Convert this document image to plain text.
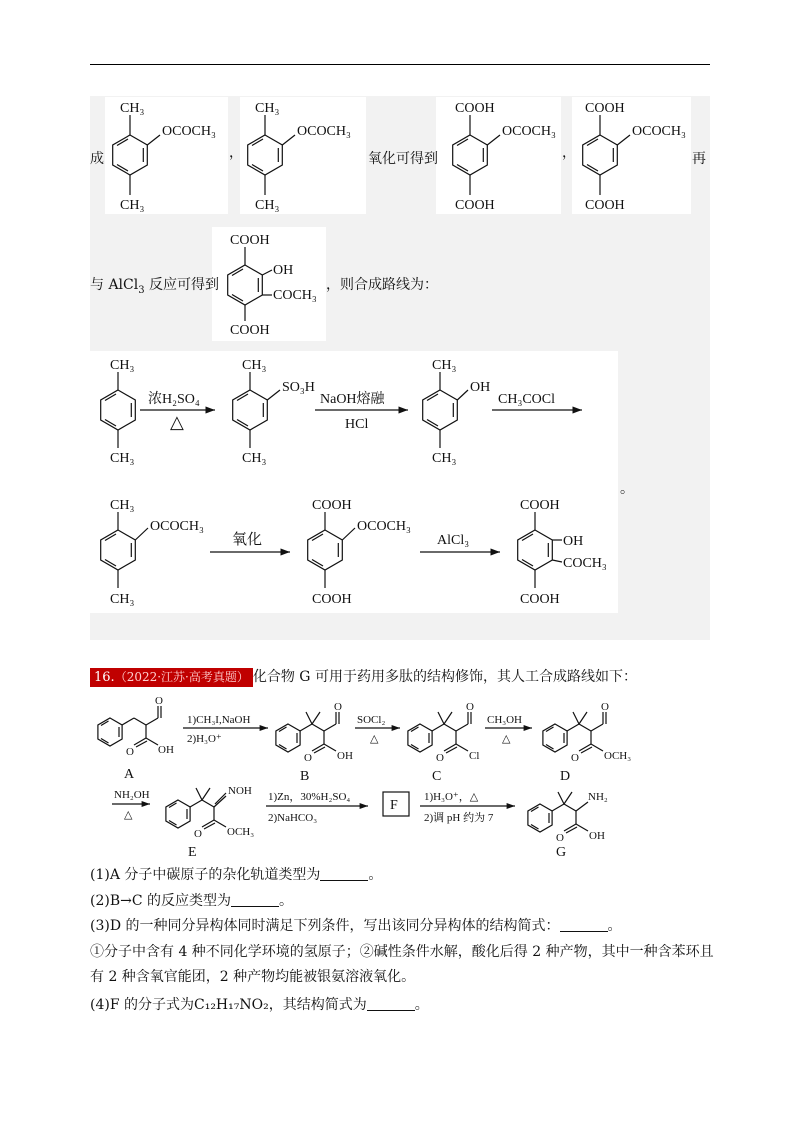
成	，	氧化可得到	，	再
与 AlCl$_3$ 反应可得到	，则合成路线为：
。
CH₃
OCOCH₃
CH₃
CH₃
OCOCH₃
CH₃
COOH
OCOCH₃
COOH
COOH
OCOCH₃
COOH
COOH
OH
COCH₃
COOH
CH₃
CH₃
浓H₂SO₄
△
CH₃
SO₃H
CH₃
NaOH熔融
HCl
CH₃
OH
CH₃
CH₃COCl
CH₃
OCOCH₃
CH₃
氧化
COOH
OCOCH₃
COOH
AlCl₃
COOH
OH
COCH₃
COOH
16.（2022·江苏·高考真题） 化合物 G 可用于药用多肽的结构修饰，其人工合成路线如下：
O
O OH
A
1)CH₃I,NaOH
2)H₃O⁺
O
O OH
B
SOCl₂
△
O
O Cl
C
CH₃OH
△
O
O OCH₃
D
NH₂OH
△
NOH
O OCH₃
E
1)Zn，30%H₂SO₄
2)NaHCO₃
F
1)H₃O⁺，△
2)调 pH 约为 7
NH₂
O OH
G
(1)A 分子中碳原子的杂化轨道类型为	。
(2)B→C 的反应类型为	。
(3)D 的一种同分异构体同时满足下列条件，写出该同分异构体的结构简式：	。
①分子中含有 4 种不同化学环境的氢原子；②碱性条件水解，酸化后得 2 种产物，其中一种含苯环且
有 2 种含氧官能团，2 种产物均能被银氨溶液氧化。
(4)F 的分子式为C₁₂H₁₇NO₂，其结构简式为	。
